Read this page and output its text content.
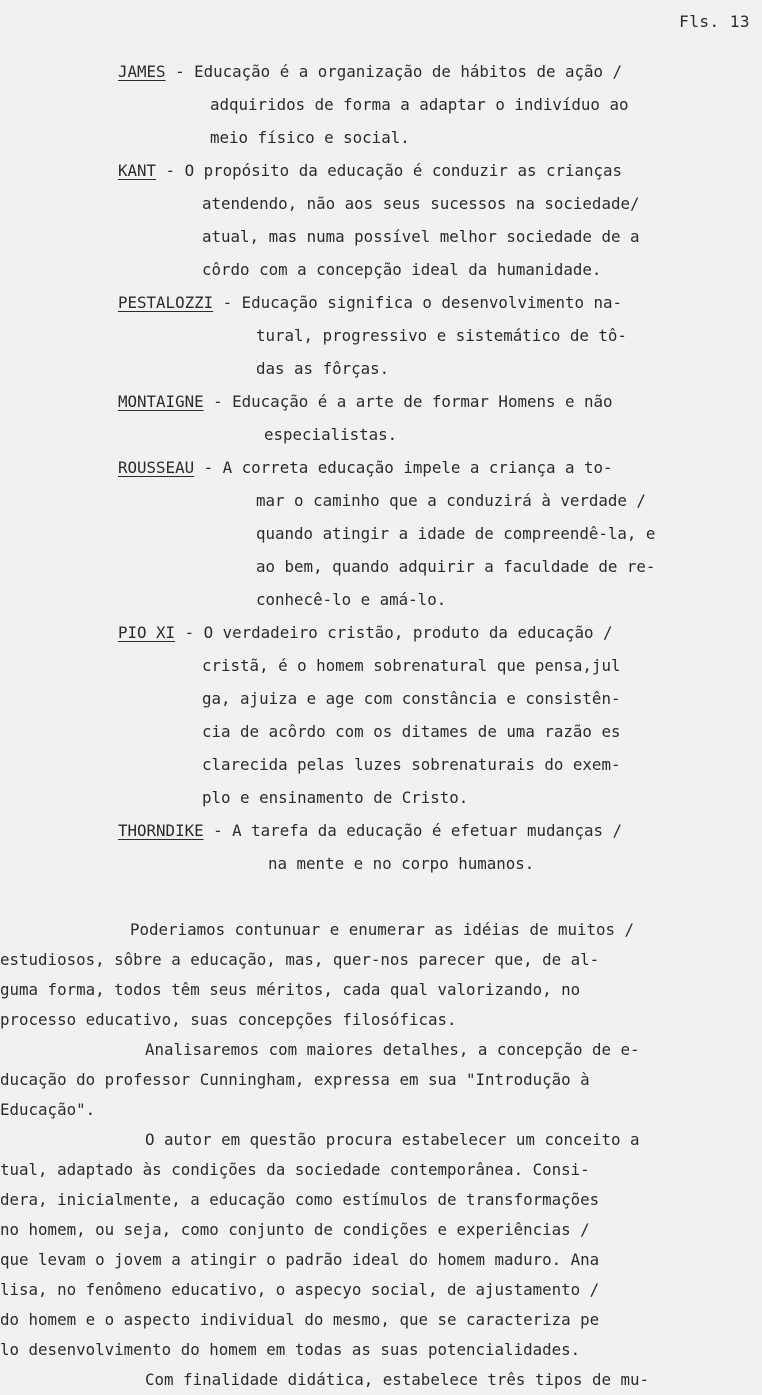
Fls. 13
JAMES - Educação é a organização de hábitos de ação /
adquiridos de forma a adaptar o indivíduo ao
meio físico e social.
KANT - O propósito da educação é conduzir as crianças
atendendo, não aos seus sucessos na sociedade/
atual, mas numa possível melhor sociedade de a
côrdo com a concepção ideal da humanidade.
PESTALOZZI - Educação significa o desenvolvimento na-
tural, progressivo e sistemático de tô-
das as fôrças.
MONTAIGNE - Educação é a arte de formar Homens e não
especialistas.
ROUSSEAU - A correta educação impele a criança a to-
mar o caminho que a conduzirá à verdade /
quando atingir a idade de compreendê-la, e
ao bem, quando adquirir a faculdade de re-
conhecê-lo e amá-lo.
PIO XI - O verdadeiro cristão, produto da educação /
cristã, é o homem sobrenatural que pensa,jul
ga, ajuiza e age com constância e consistên-
cia de acôrdo com os ditames de uma razão es
clarecida pelas luzes sobrenaturais do exem-
plo e ensinamento de Cristo.
THORNDIKE - A tarefa da educação é efetuar mudanças /
na mente e no corpo humanos.
Poderiamos contunuar e enumerar as idéias de muitos /
estudiosos, sôbre a educação, mas, quer-nos parecer que, de al-
guma forma, todos têm seus méritos, cada qual valorizando, no
processo educativo, suas concepções filosóficas.
Analisaremos com maiores detalhes, a concepção de e-
ducação do professor Cunningham, expressa em sua "Introdução à
Educação".
O autor em questão procura estabelecer um conceito a
tual, adaptado às condições da sociedade contemporânea. Consi-
dera, inicialmente, a educação como estímulos de transformações
no homem, ou seja, como conjunto de condições e experiências /
que levam o jovem a atingir o padrão ideal do homem maduro. Ana
lisa, no fenômeno educativo, o aspecyo social, de ajustamento /
do homem e o aspecto individual do mesmo, que se caracteriza pe
lo desenvolvimento do homem em todas as suas potencialidades.
Com finalidade didática, estabelece três tipos de mu-
